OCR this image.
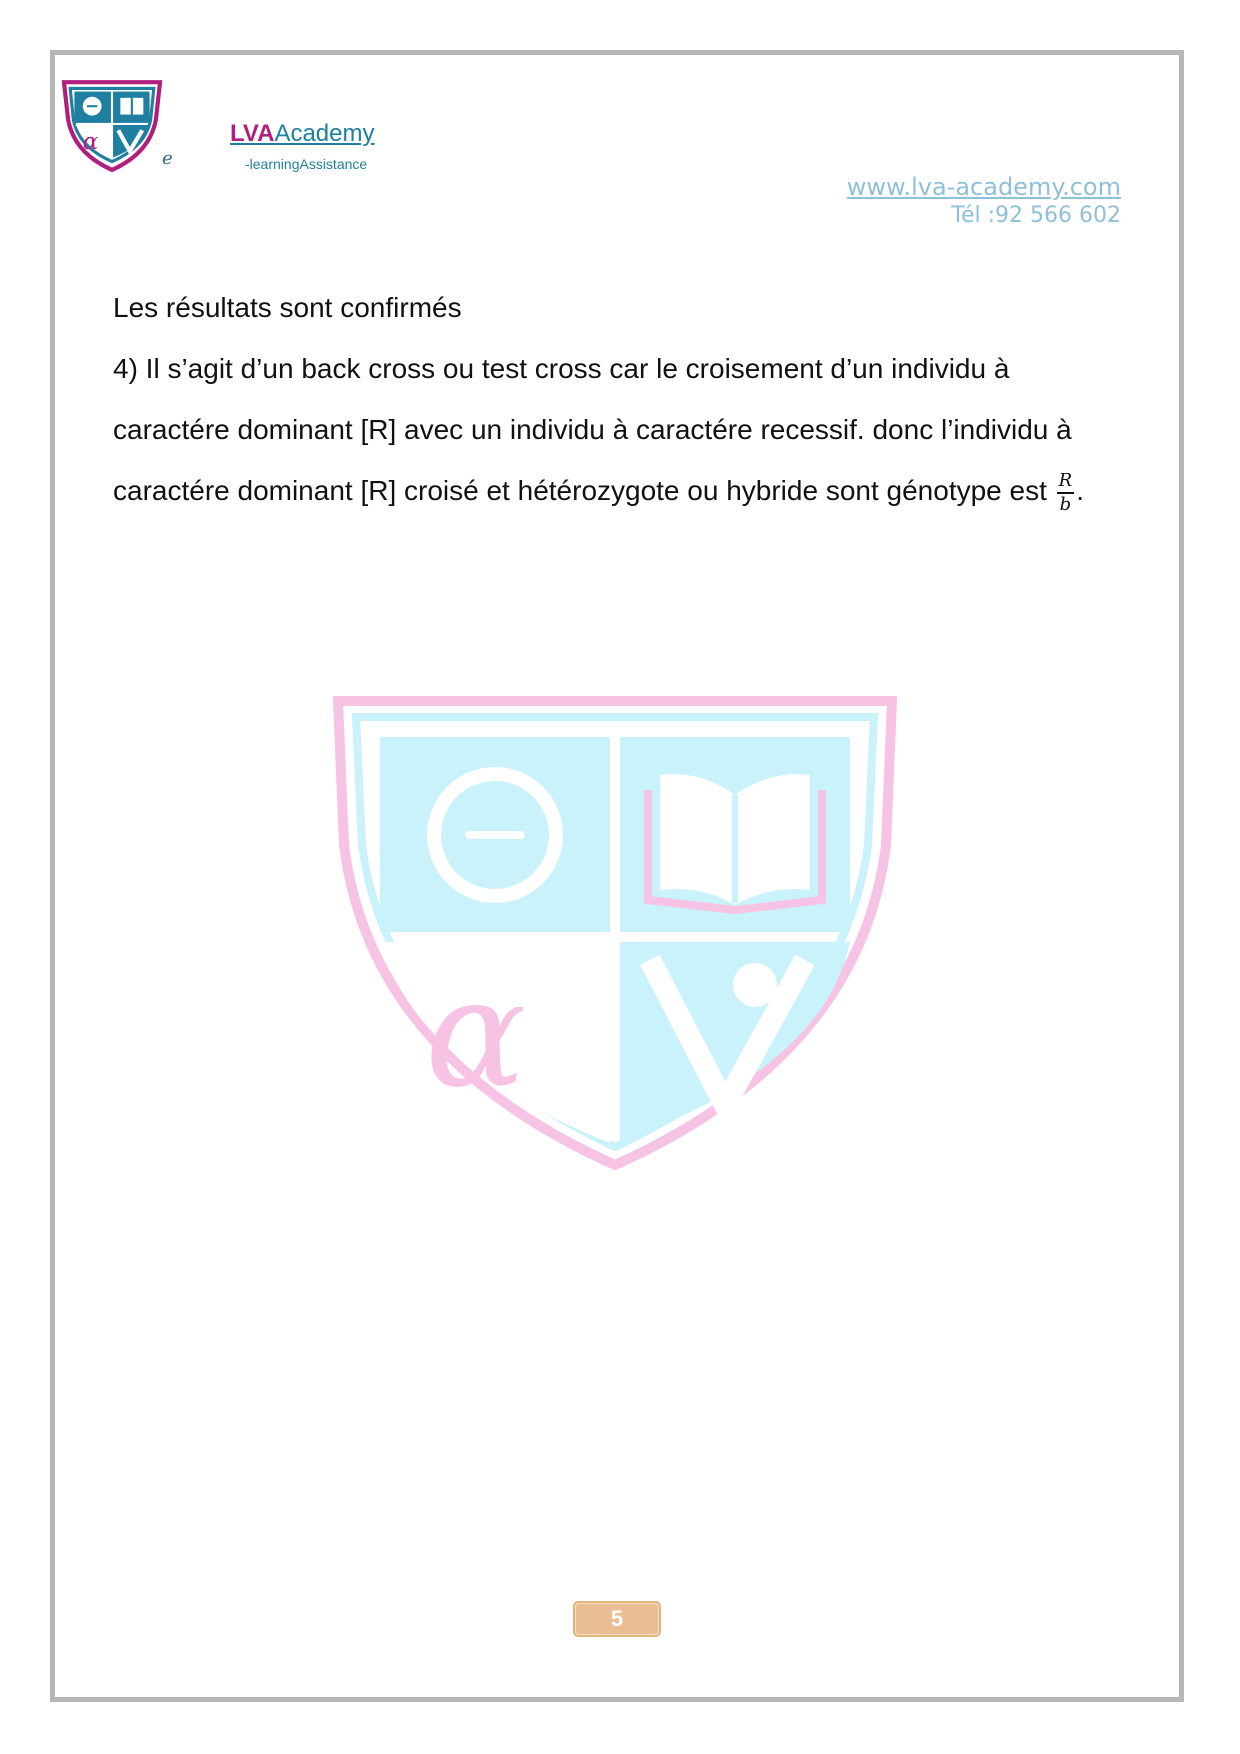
α
e
LVAAcademy
-learningAssistance
www.lva-academy.com
Tél :92 566 602

Les résultats sont confirmés

4) Il s’agit d’un back cross ou test cross car le croisement d’un individu à caractére dominant [R] avec un individu à caractére recessif. donc l’individu à caractére dominant [R] croisé et hétérozygote ou hybride sont génotype est $\frac{R}{b}$ .

α
5
